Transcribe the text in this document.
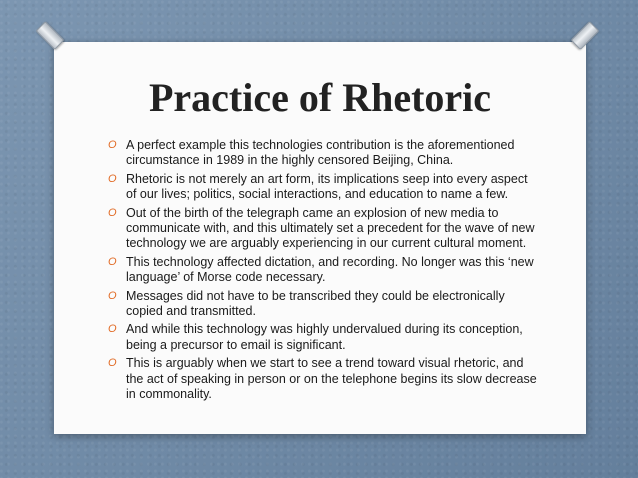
Practice of Rhetoric
O A perfect example this technologies contribution is the aforementioned circumstance in 1989 in the highly censored Beijing, China.
O Rhetoric is not merely an art form, its implications seep into every aspect of our lives; politics, social interactions, and education to name a few.
O Out of the birth of the telegraph came an explosion of new media to communicate with, and this ultimately set a precedent for the wave of new technology we are arguably experiencing in our current cultural moment.
O This technology affected dictation, and recording. No longer was this ‘new language’ of Morse code necessary.
O Messages did not have to be transcribed they could be electronically copied and transmitted.
O And while this technology was highly undervalued during its conception, being a precursor to email is significant.
O This is arguably when we start to see a trend toward visual rhetoric, and the act of speaking in person or on the telephone begins its slow decrease in commonality.
